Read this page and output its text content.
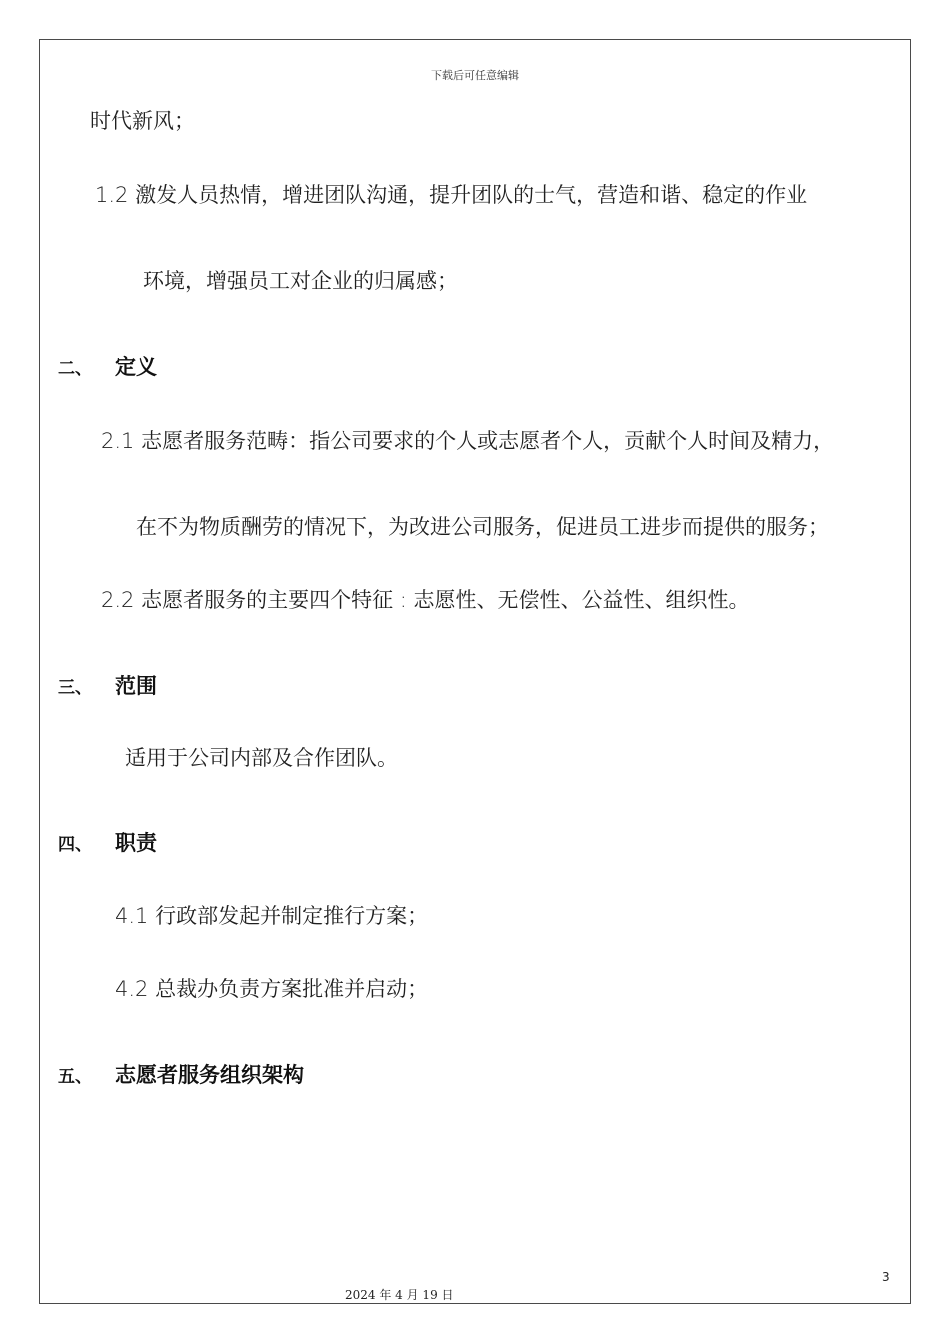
下载后可任意编辑
时代新风；
1.2 激发人员热情，增进团队沟通，提升团队的士气，营造和谐、稳定的作业
环境，增强员工对企业的归属感；
二、 定义
2.1 志愿者服务范畴：指公司要求的个人或志愿者个人，贡献个人时间及精力，
在不为物质酬劳的情况下，为改进公司服务，促进员工进步而提供的服务；
2.2 志愿者服务的主要四个特征 : 志愿性、无偿性、公益性、组织性。
三、 范围
适用于公司内部及合作团队。
四、 职责
4.1 行政部发起并制定推行方案；
4.2 总裁办负责方案批准并启动；
五、 志愿者服务组织架构
3
2024 年 4 月 19 日
